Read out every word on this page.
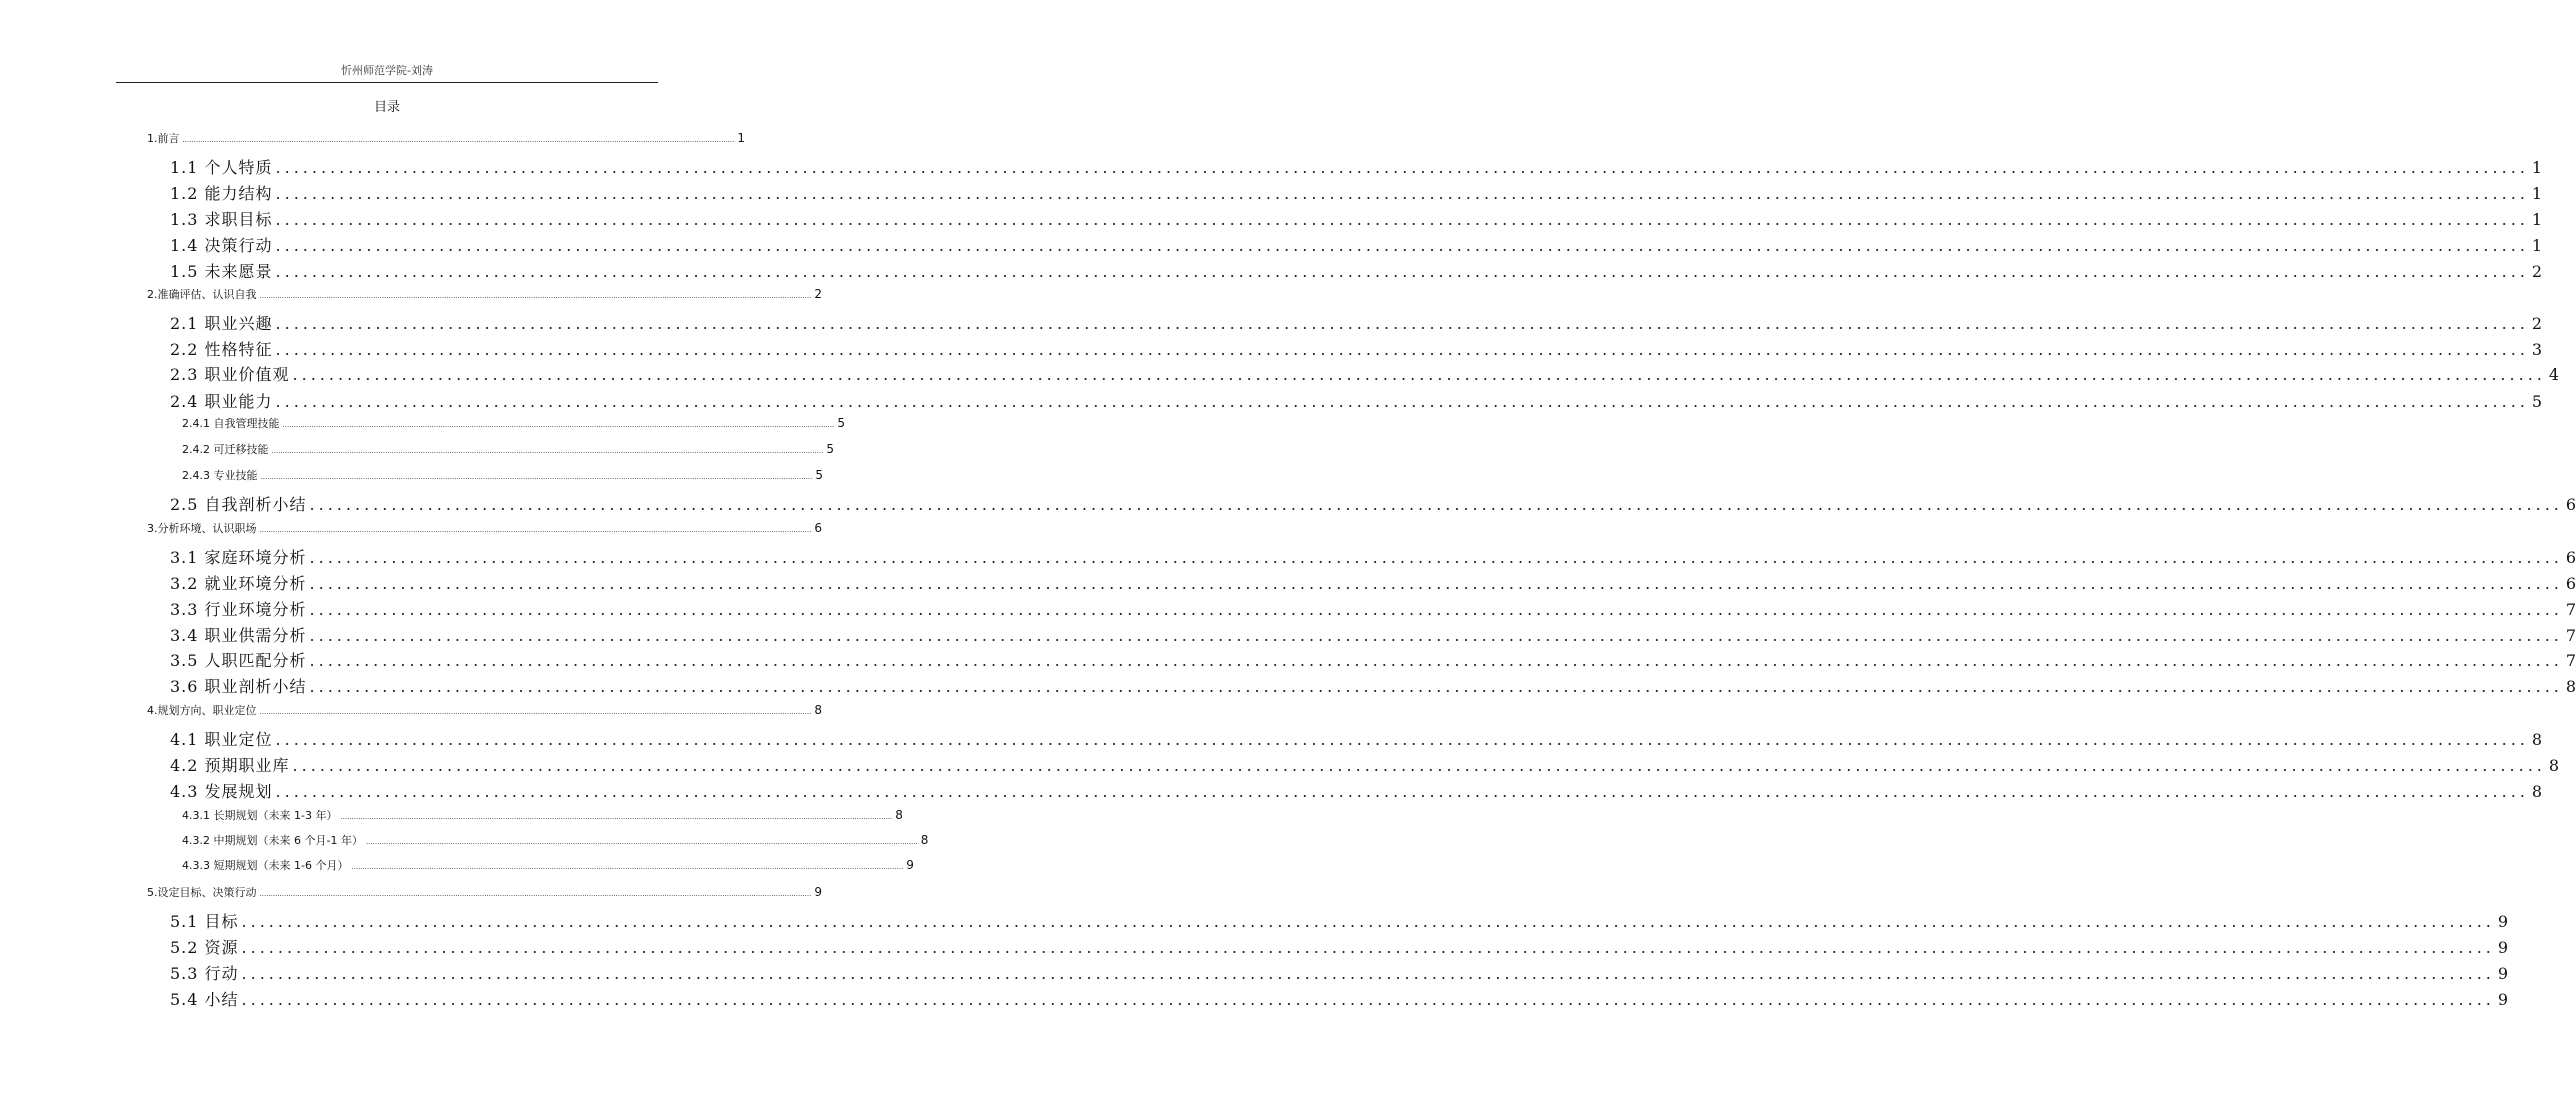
忻州师范学院-刘涛
目录
1.前言 ........................................................................................................................................................................................................................................................ 1
1.1 个人特质 ........................................................................................................................................................................................................................................................ 1
1.2 能力结构 ........................................................................................................................................................................................................................................................ 1
1.3 求职目标 ........................................................................................................................................................................................................................................................ 1
1.4 决策行动 ........................................................................................................................................................................................................................................................ 1
1.5 未来愿景 ........................................................................................................................................................................................................................................................ 2
2.准确评估、认识自我 ........................................................................................................................................................................................................................................................ 2
2.1 职业兴趣 ........................................................................................................................................................................................................................................................ 2
2.2 性格特征 ........................................................................................................................................................................................................................................................ 3
2.3 职业价值观 ........................................................................................................................................................................................................................................................ 4
2.4 职业能力 ........................................................................................................................................................................................................................................................ 5
2.4.1 自我管理技能 ........................................................................................................................................................................................................................................................ 5
2.4.2 可迁移技能 ........................................................................................................................................................................................................................................................ 5
2.4.3 专业技能 ........................................................................................................................................................................................................................................................ 5
2.5 自我剖析小结 ........................................................................................................................................................................................................................................................ 6
3.分析环境、认识职场 ........................................................................................................................................................................................................................................................ 6
3.1 家庭环境分析 ........................................................................................................................................................................................................................................................ 6
3.2 就业环境分析 ........................................................................................................................................................................................................................................................ 6
3.3 行业环境分析 ........................................................................................................................................................................................................................................................ 7
3.4 职业供需分析 ........................................................................................................................................................................................................................................................ 7
3.5 人职匹配分析 ........................................................................................................................................................................................................................................................ 7
3.6 职业剖析小结 ........................................................................................................................................................................................................................................................ 8
4.规划方向、职业定位 ........................................................................................................................................................................................................................................................ 8
4.1 职业定位 ........................................................................................................................................................................................................................................................ 8
4.2 预期职业库 ........................................................................................................................................................................................................................................................ 8
4.3 发展规划 ........................................................................................................................................................................................................................................................ 8
4.3.1 长期规划（未来 1-3 年） ........................................................................................................................................................................................................................................................ 8
4.3.2 中期规划（未来 6 个月-1 年） ........................................................................................................................................................................................................................................................ 8
4.3.3 短期规划（未来 1-6 个月） ........................................................................................................................................................................................................................................................ 9
5.设定目标、决策行动 ........................................................................................................................................................................................................................................................ 9
5.1 目标 ........................................................................................................................................................................................................................................................ 9
5.2 资源 ........................................................................................................................................................................................................................................................ 9
5.3 行动 ........................................................................................................................................................................................................................................................ 9
5.4 小结 ........................................................................................................................................................................................................................................................ 9
